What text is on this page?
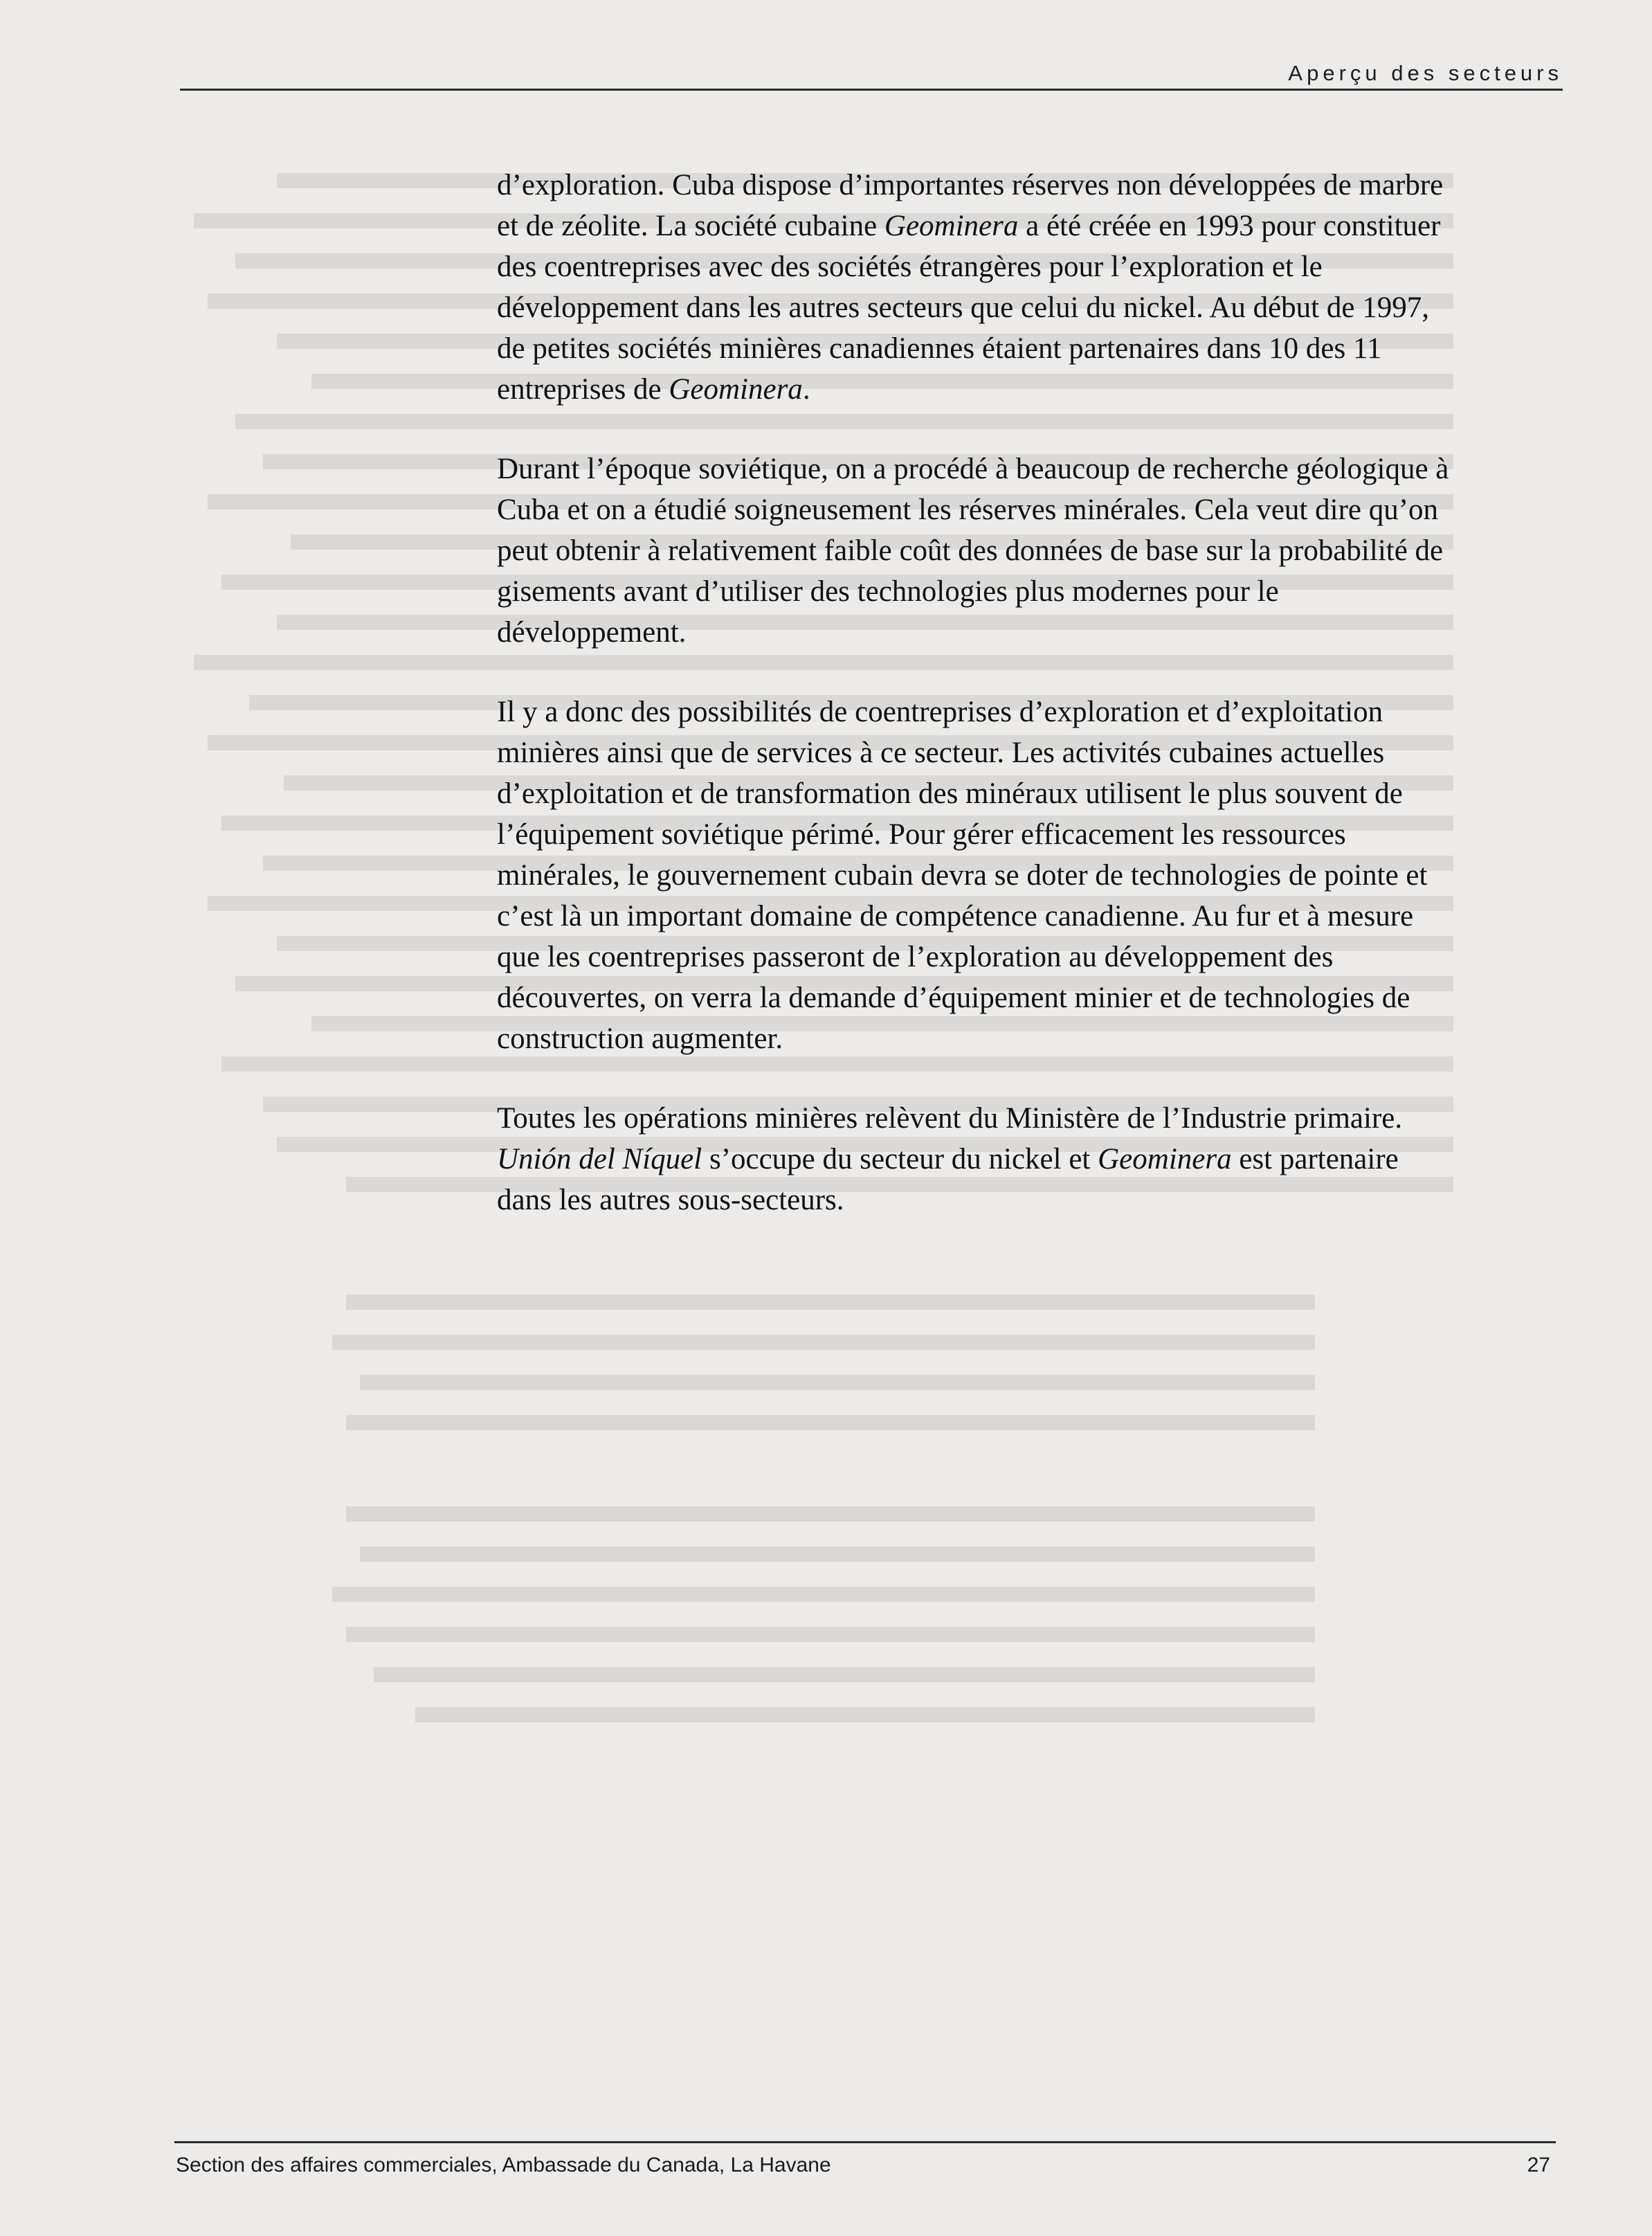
Aperçu des secteurs

d’exploration. Cuba dispose d’importantes réserves non développées de marbre et de zéolite. La société cubaine Geominera a été créée en 1993 pour constituer des coentreprises avec des sociétés étrangères pour l’exploration et le développement dans les autres secteurs que celui du nickel. Au début de 1997, de petites sociétés minières canadiennes étaient partenaires dans 10 des 11 entreprises de Geominera.

Durant l’époque soviétique, on a procédé à beaucoup de recherche géologique à Cuba et on a étudié soigneusement les réserves minérales. Cela veut dire qu’on peut obtenir à relativement faible coût des données de base sur la probabilité de gisements avant d’utiliser des technologies plus modernes pour le développement.

Il y a donc des possibilités de coentreprises d’exploration et d’exploitation minières ainsi que de services à ce secteur. Les activités cubaines actuelles d’exploitation et de transformation des minéraux utilisent le plus souvent de l’équipement soviétique périmé. Pour gérer efficacement les ressources minérales, le gouvernement cubain devra se doter de technologies de pointe et c’est là un important domaine de compétence canadienne. Au fur et à mesure que les coentreprises passeront de l’exploration au développement des découvertes, on verra la demande d’équipement minier et de technologies de construction augmenter.

Toutes les opérations minières relèvent du Ministère de l’Industrie primaire. Unión del Níquel s’occupe du secteur du nickel et Geominera est partenaire dans les autres sous-secteurs.

Section des affaires commerciales, Ambassade du Canada, La Havane	27
